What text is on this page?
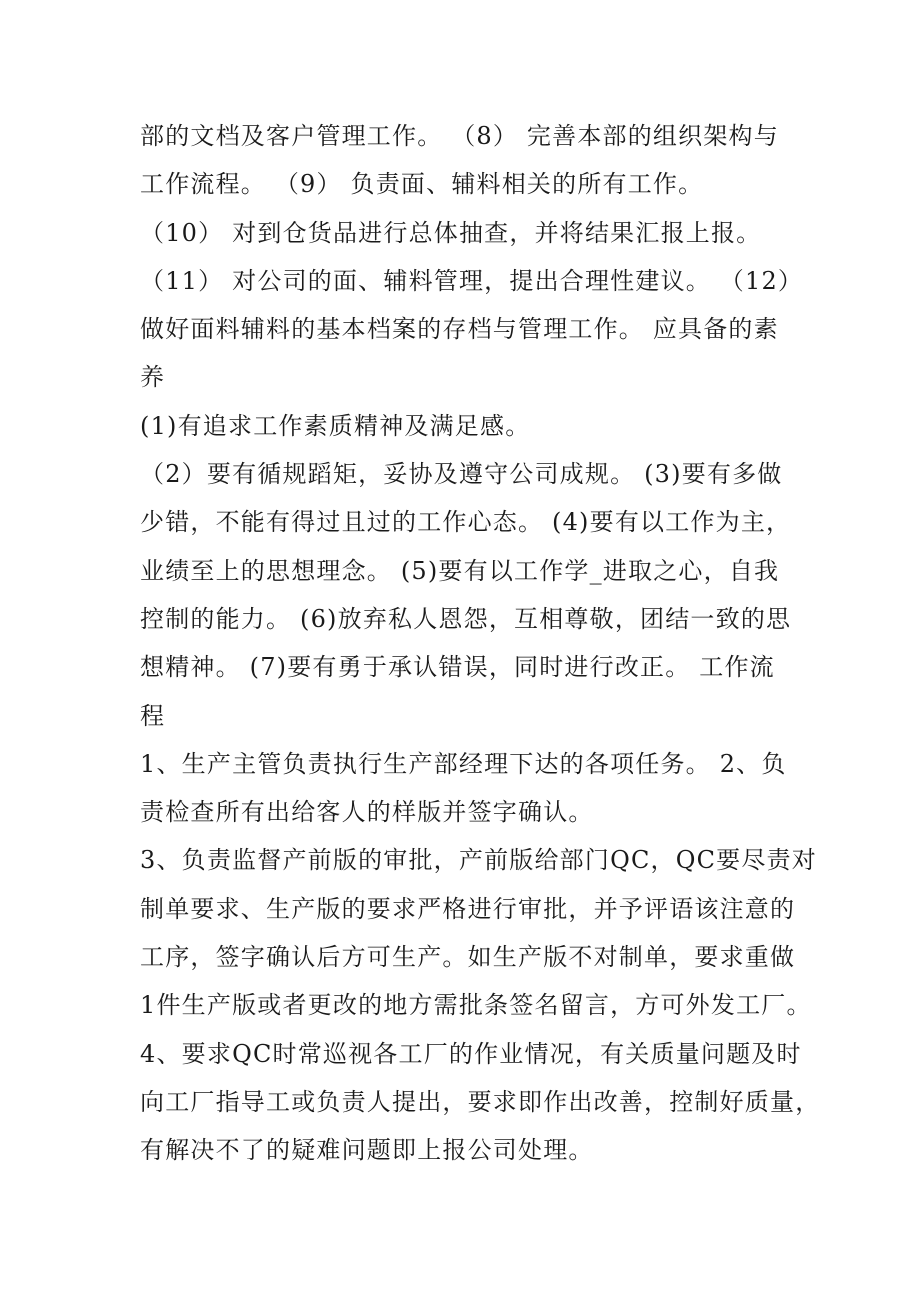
部的文档及客户管理工作。 （8） 完善本部的组织架构与
工作流程。 （9） 负责面、辅料相关的所有工作。
（10） 对到仓货品进行总体抽查，并将结果汇报上报。
（11） 对公司的面、辅料管理，提出合理性建议。 （12）
做好面料辅料的基本档案的存档与管理工作。 应具备的素
养
(1)有追求工作素质精神及满足感。
（2）要有循规蹈矩，妥协及遵守公司成规。 (3)要有多做
少错，不能有得过且过的工作心态。 (4)要有以工作为主，
业绩至上的思想理念。 (5)要有以工作学_进取之心，自我
控制的能力。 (6)放弃私人恩怨，互相尊敬，团结一致的思
想精神。 (7)要有勇于承认错误，同时进行改正。 工作流
程
1、生产主管负责执行生产部经理下达的各项任务。 2、负
责检查所有出给客人的样版并签字确认。
3、负责监督产前版的审批，产前版给部门QC，QC要尽责对
制单要求、生产版的要求严格进行审批，并予评语该注意的
工序，签字确认后方可生产。如生产版不对制单，要求重做
1件生产版或者更改的地方需批条签名留言，方可外发工厂。
4、要求QC时常巡视各工厂的作业情况，有关质量问题及时
向工厂指导工或负责人提出，要求即作出改善，控制好质量，
有解决不了的疑难问题即上报公司处理。
